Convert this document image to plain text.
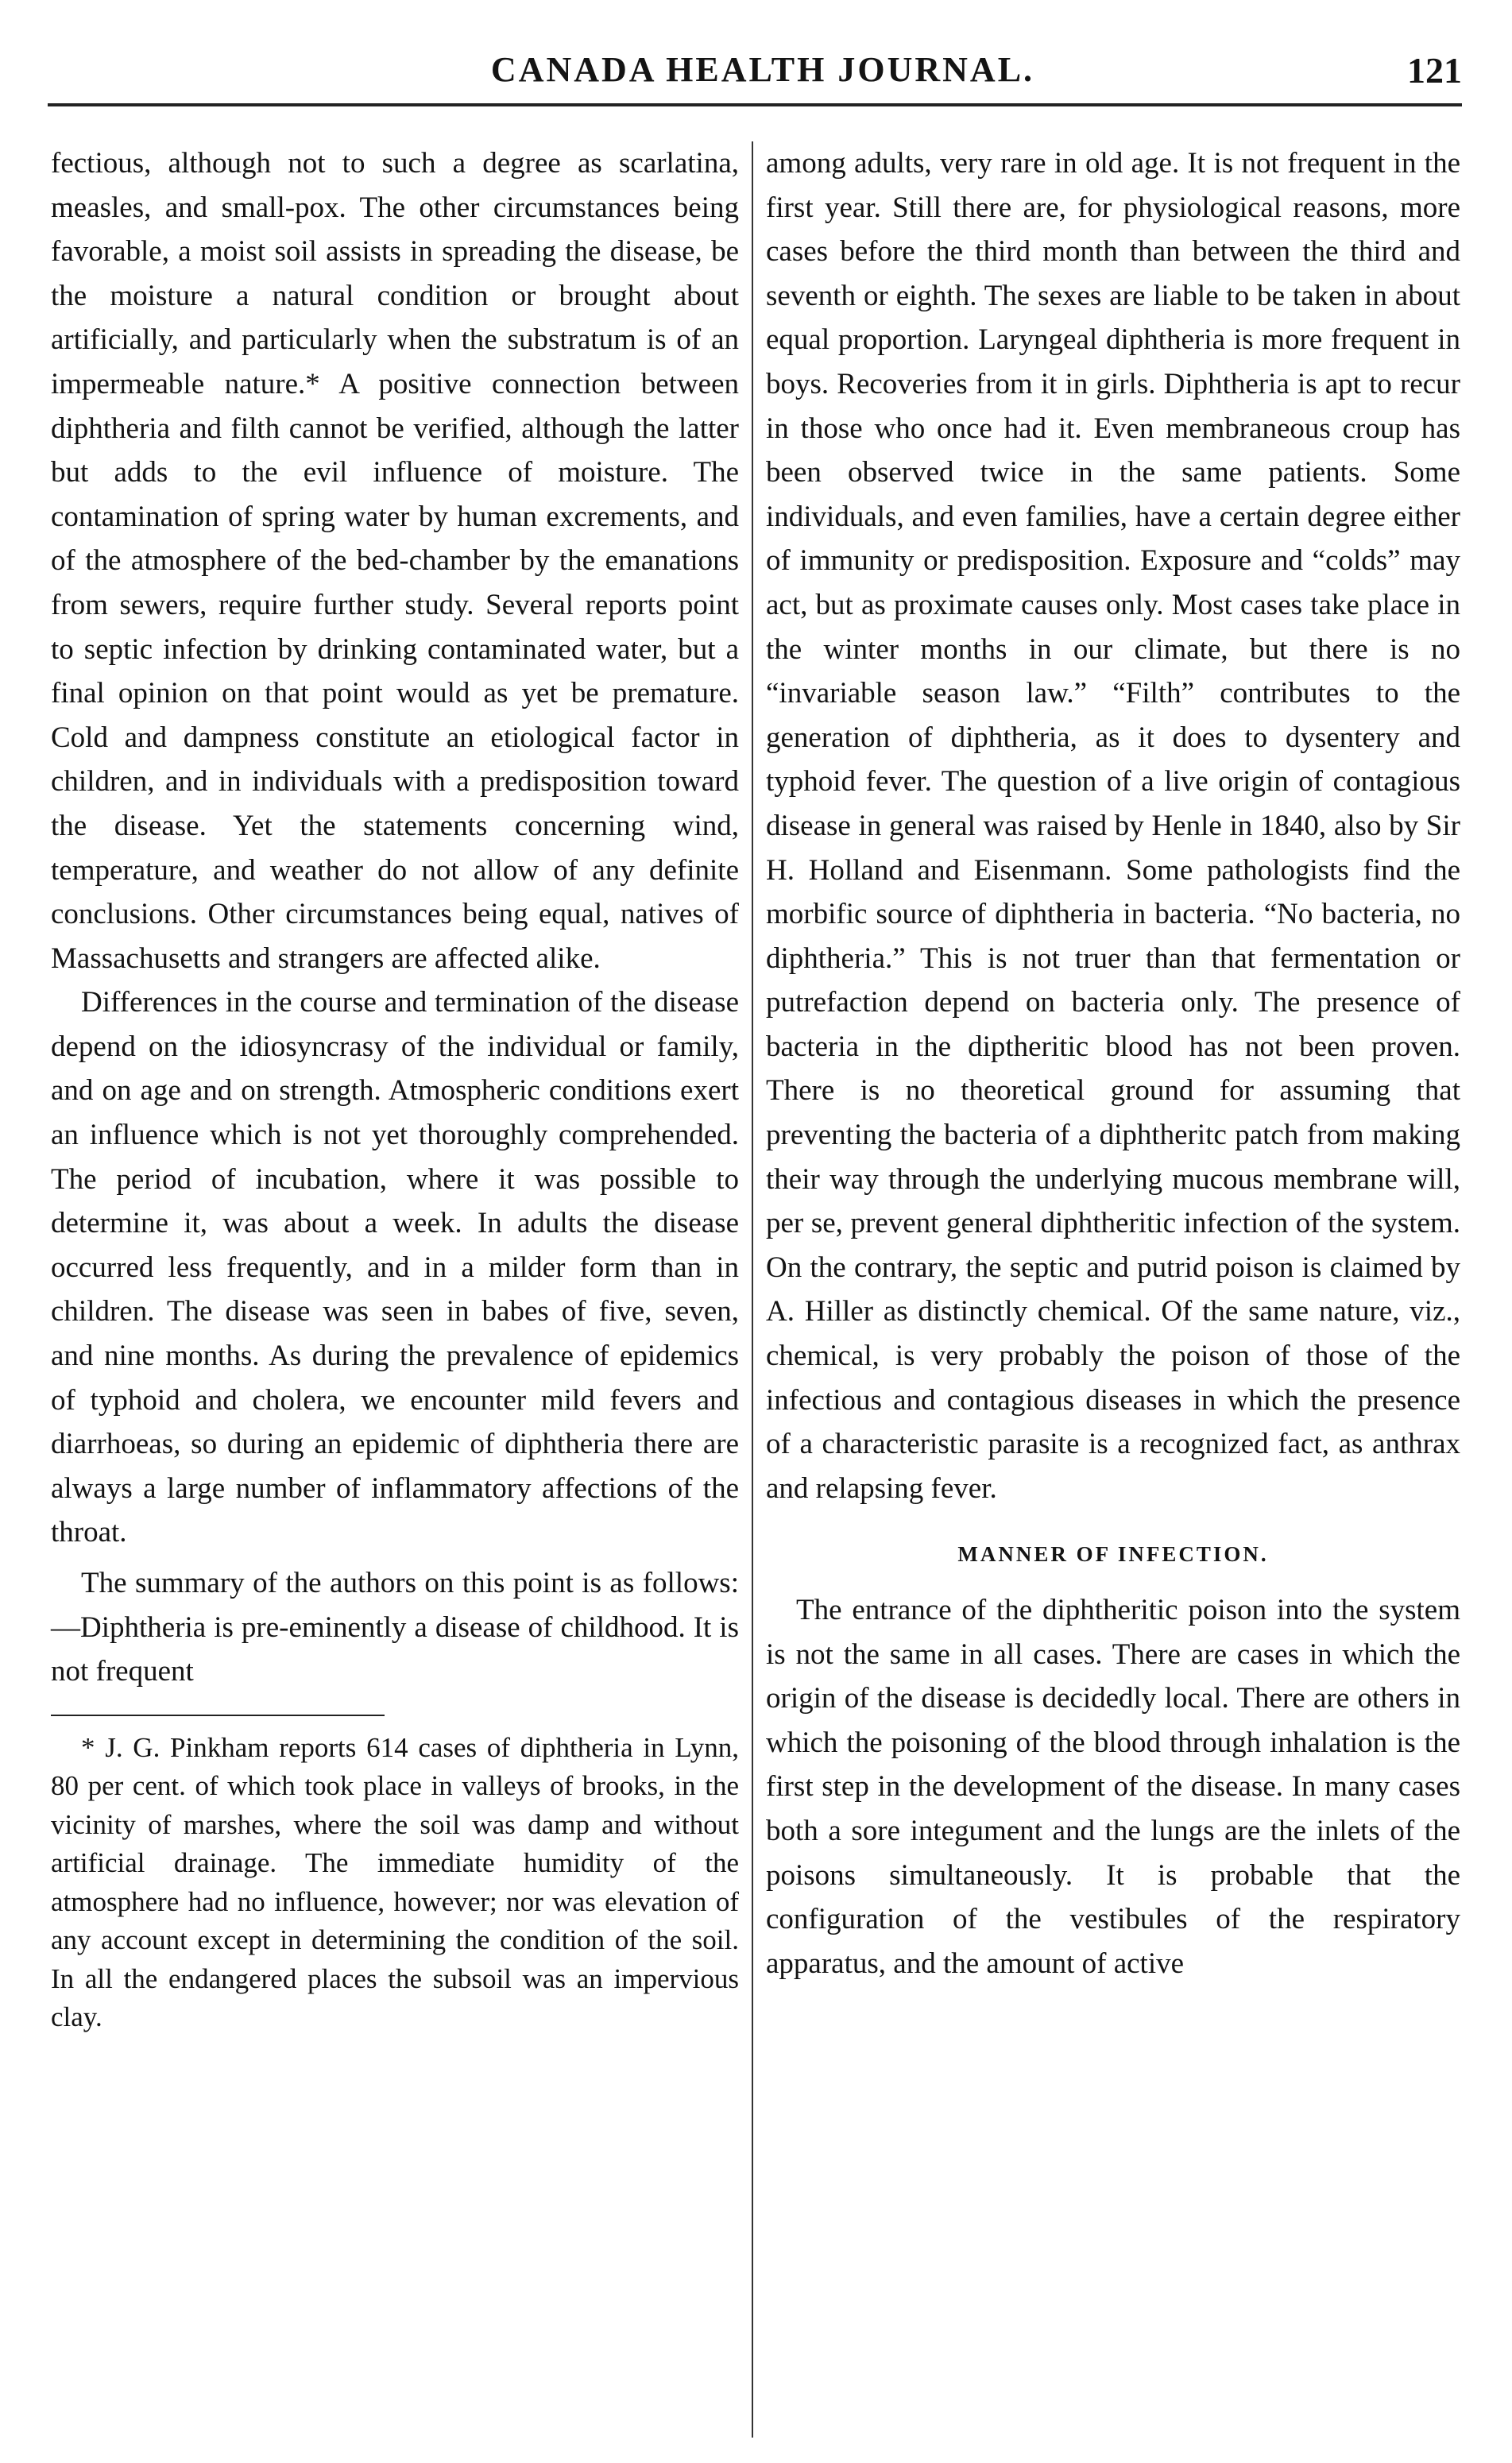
CANADA HEALTH JOURNAL.	121

fectious, although not to such a degree as scarlatina, measles, and small-pox. The other circumstances being favorable, a moist soil assists in spreading the disease, be the moisture a natural condition or brought about artificially, and particularly when the substratum is of an impermeable nature.* A positive connection between diphtheria and filth cannot be verified, although the latter but adds to the evil influence of moisture. The contamination of spring water by human excrements, and of the atmosphere of the bed-chamber by the emanations from sewers, require further study. Several reports point to septic infection by drinking contaminated water, but a final opinion on that point would as yet be premature. Cold and dampness constitute an etiological factor in children, and in individuals with a predisposition toward the disease. Yet the statements concerning wind, temperature, and weather do not allow of any definite conclusions. Other circumstances being equal, natives of Massachusetts and strangers are affected alike.

Differences in the course and termination of the disease depend on the idiosyncrasy of the individual or family, and on age and on strength. Atmospheric conditions exert an influence which is not yet thoroughly comprehended. The period of incubation, where it was possible to determine it, was about a week. In adults the disease occurred less frequently, and in a milder form than in children. The disease was seen in babes of five, seven, and nine months. As during the prevalence of epidemics of typhoid and cholera, we encounter mild fevers and diarrhoeas, so during an epidemic of diphtheria there are always a large number of inflammatory affections of the throat.

The summary of the authors on this point is as follows:—Diphtheria is pre-eminently a disease of childhood. It is not frequent

* J. G. Pinkham reports 614 cases of diphtheria in Lynn, 80 per cent. of which took place in valleys of brooks, in the vicinity of marshes, where the soil was damp and without artificial drainage. The immediate humidity of the atmosphere had no influence, however; nor was elevation of any account except in determining the condition of the soil. In all the endangered places the subsoil was an impervious clay.

among adults, very rare in old age. It is not frequent in the first year. Still there are, for physiological reasons, more cases before the third month than between the third and seventh or eighth. The sexes are liable to be taken in about equal proportion. Laryngeal diphtheria is more frequent in boys. Recoveries from it in girls. Diphtheria is apt to recur in those who once had it. Even membraneous croup has been observed twice in the same patients. Some individuals, and even families, have a certain degree either of immunity or predisposition. Exposure and “colds” may act, but as proximate causes only. Most cases take place in the winter months in our climate, but there is no “invariable season law.” “Filth” contributes to the generation of diphtheria, as it does to dysentery and typhoid fever. The question of a live origin of contagious disease in general was raised by Henle in 1840, also by Sir H. Holland and Eisenmann. Some pathologists find the morbific source of diphtheria in bacteria. “No bacteria, no diphtheria.” This is not truer than that fermentation or putrefaction depend on bacteria only. The presence of bacteria in the diptheritic blood has not been proven. There is no theoretical ground for assuming that preventing the bacteria of a diphtheritc patch from making their way through the underlying mucous membrane will, per se, prevent general diphtheritic infection of the system. On the contrary, the septic and putrid poison is claimed by A. Hiller as distinctly chemical. Of the same nature, viz., chemical, is very probably the poison of those of the infectious and contagious diseases in which the presence of a characteristic parasite is a recognized fact, as anthrax and relapsing fever.

MANNER OF INFECTION.

The entrance of the diphtheritic poison into the system is not the same in all cases. There are cases in which the origin of the disease is decidedly local. There are others in which the poisoning of the blood through inhalation is the first step in the development of the disease. In many cases both a sore integument and the lungs are the inlets of the poisons simultaneously. It is probable that the configuration of the vestibules of the respiratory apparatus, and the amount of active
